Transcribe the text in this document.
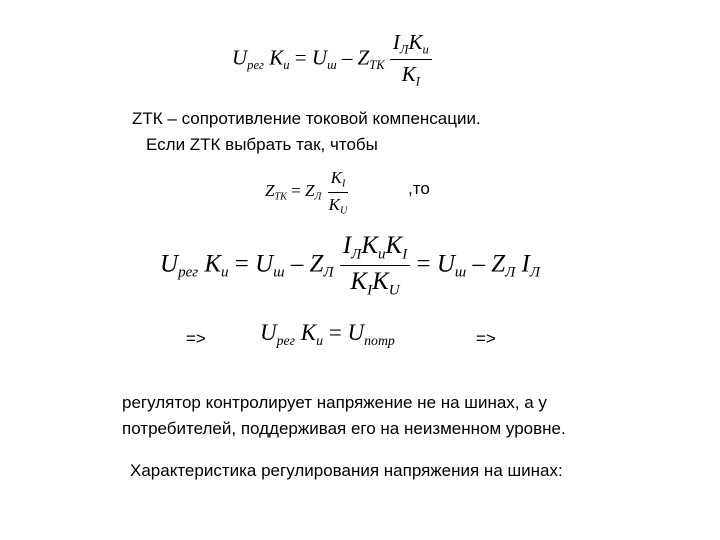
$U_{рег}$ $K_и = U_ш - Z_{TK} \frac{I_ЛK_и}{K_I}$
ZТК – сопротивление токовой компенсации.
Если ZТК выбрать так, чтобы
$Z_{ТК} = Z_Л \frac{K_I}{K_U}$	,то
$U_{рег}$ $K_и = U_ш - Z_Л \frac{I_ЛK_иK_I}{K_IK_U} = U_ш - Z_Л$ $I_Л$
=> $U_{рег}$ $K_и = U_{потр}$	=>
регулятор контролирует напряжение не на шинах, а у
потребителей, поддерживая его на неизменном уровне.
Характеристика регулирования напряжения на шинах:
